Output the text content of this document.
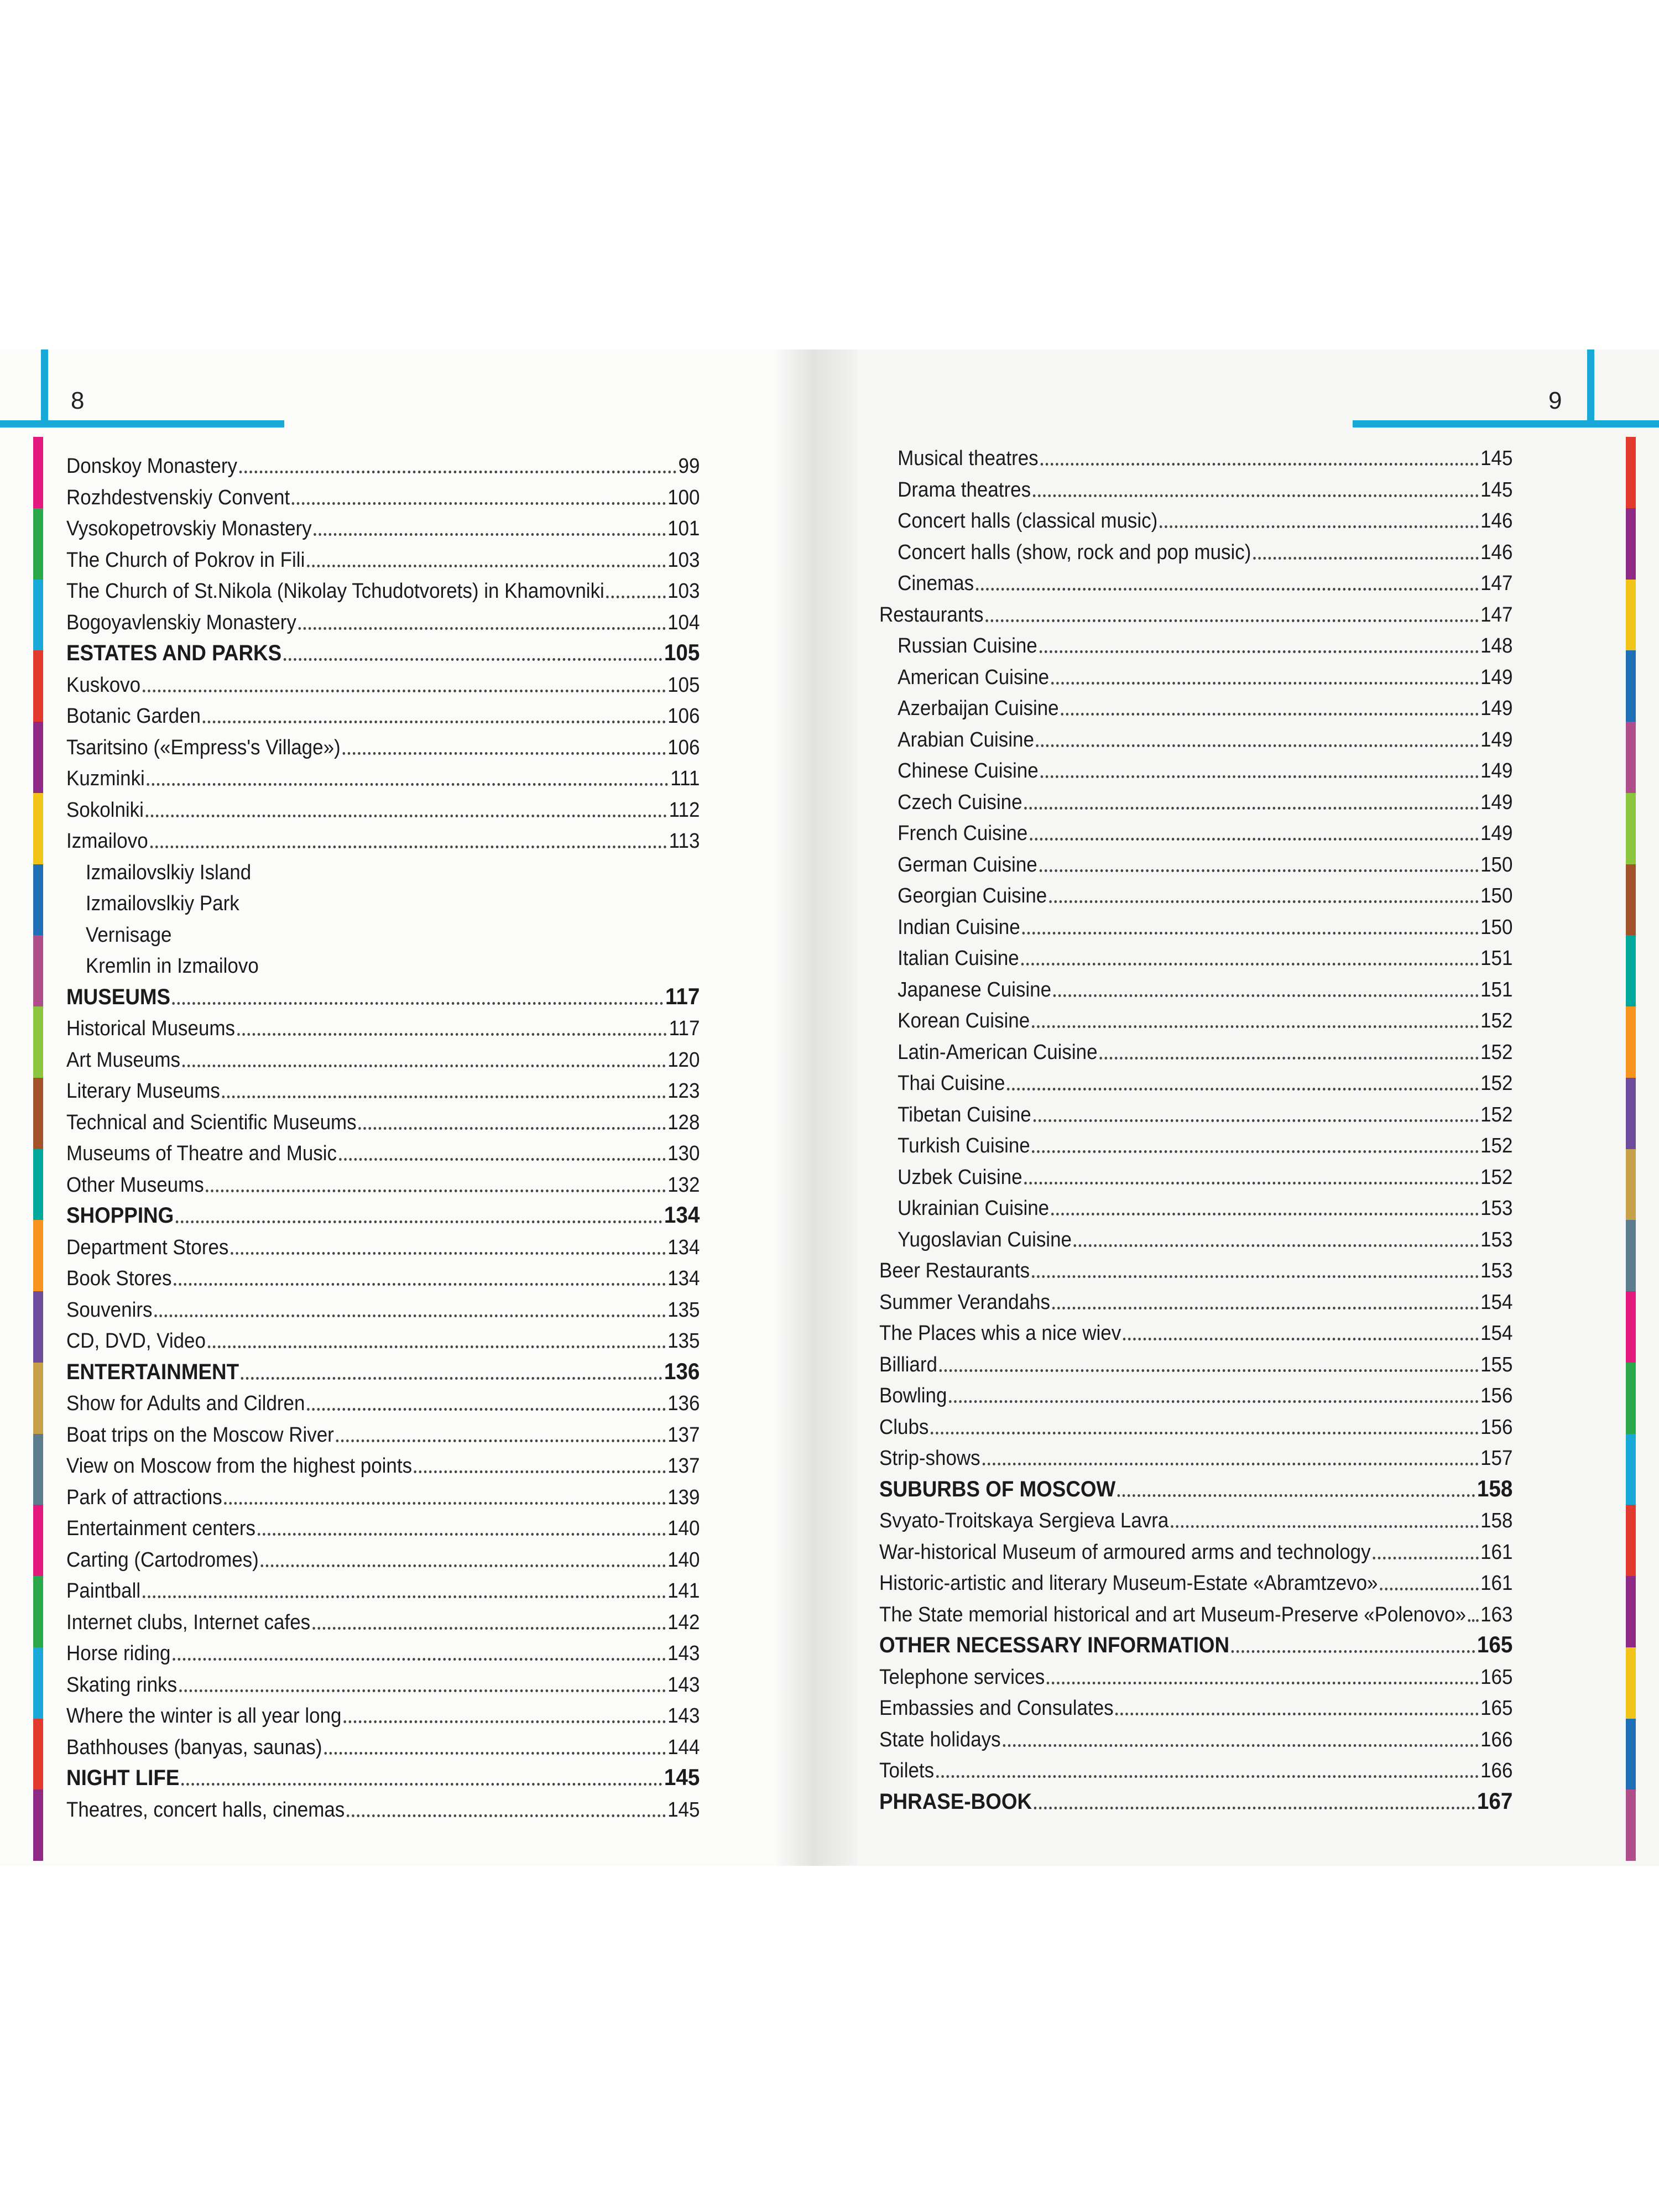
8	9
Donskoy Monastery	99
Rozhdestvenskiy Convent	100
Vysokopetrovskiy Monastery	101
The Church of Pokrov in Fili	103
The Church of St.Nikola (Nikolay Tchudotvorets) in Khamovniki	103
Bogoyavlenskiy Monastery	104
ESTATES AND PARKS	105
Kuskovo	105
Botanic Garden	106
Tsaritsino («Empress's Village»)	106
Kuzminki	111
Sokolniki	112
Izmailovo	113
Izmailovslkiy Island
Izmailovslkiy Park
Vernisage
Kremlin in Izmailovo
MUSEUMS	117
Historical Museums	117
Art Museums	120
Literary Museums	123
Technical and Scientific Museums	128
Museums of Theatre and Music	130
Other Museums	132
SHOPPING	134
Department Stores	134
Book Stores	134
Souvenirs	135
CD, DVD, Video	135
ENTERTAINMENT	136
Show for Adults and Cildren	136
Boat trips on the Moscow River	137
View on Moscow from the highest points	137
Park of attractions	139
Entertainment centers	140
Carting (Cartodromes)	140
Paintball	141
Internet clubs, Internet cafes	142
Horse riding	143
Skating rinks	143
Where the winter is all year long	143
Bathhouses (banyas, saunas)	144
NIGHT LIFE	145
Theatres, concert halls, cinemas	145
Musical theatres	145
Drama theatres	145
Concert halls (classical music)	146
Concert halls (show, rock and pop music)	146
Cinemas	147
Restaurants	147
Russian Cuisine	148
American Cuisine	149
Azerbaijan Cuisine	149
Arabian Cuisine	149
Chinese Cuisine	149
Czech Cuisine	149
French Cuisine	149
German Cuisine	150
Georgian Cuisine	150
Indian Cuisine	150
Italian Cuisine	151
Japanese Cuisine	151
Korean Cuisine	152
Latin-American Cuisine	152
Thai Cuisine	152
Tibetan Cuisine	152
Turkish Cuisine	152
Uzbek Cuisine	152
Ukrainian Cuisine	153
Yugoslavian Cuisine	153
Beer Restaurants	153
Summer Verandahs	154
The Places whis a nice wiev	154
Billiard	155
Bowling	156
Clubs	156
Strip-shows	157
SUBURBS OF MOSCOW	158
Svyato-Troitskaya Sergieva Lavra	158
War-historical Museum of armoured arms and technology	161
Historic-artistic and literary Museum-Estate «Abramtzevo»	161
The State memorial historical and art Museum-Preserve «Polenovo» 163
OTHER NECESSARY INFORMATION	165
Telephone services	165
Embassies and Consulates	165
State holidays	166
Toilets	166
PHRASE-BOOK	167
